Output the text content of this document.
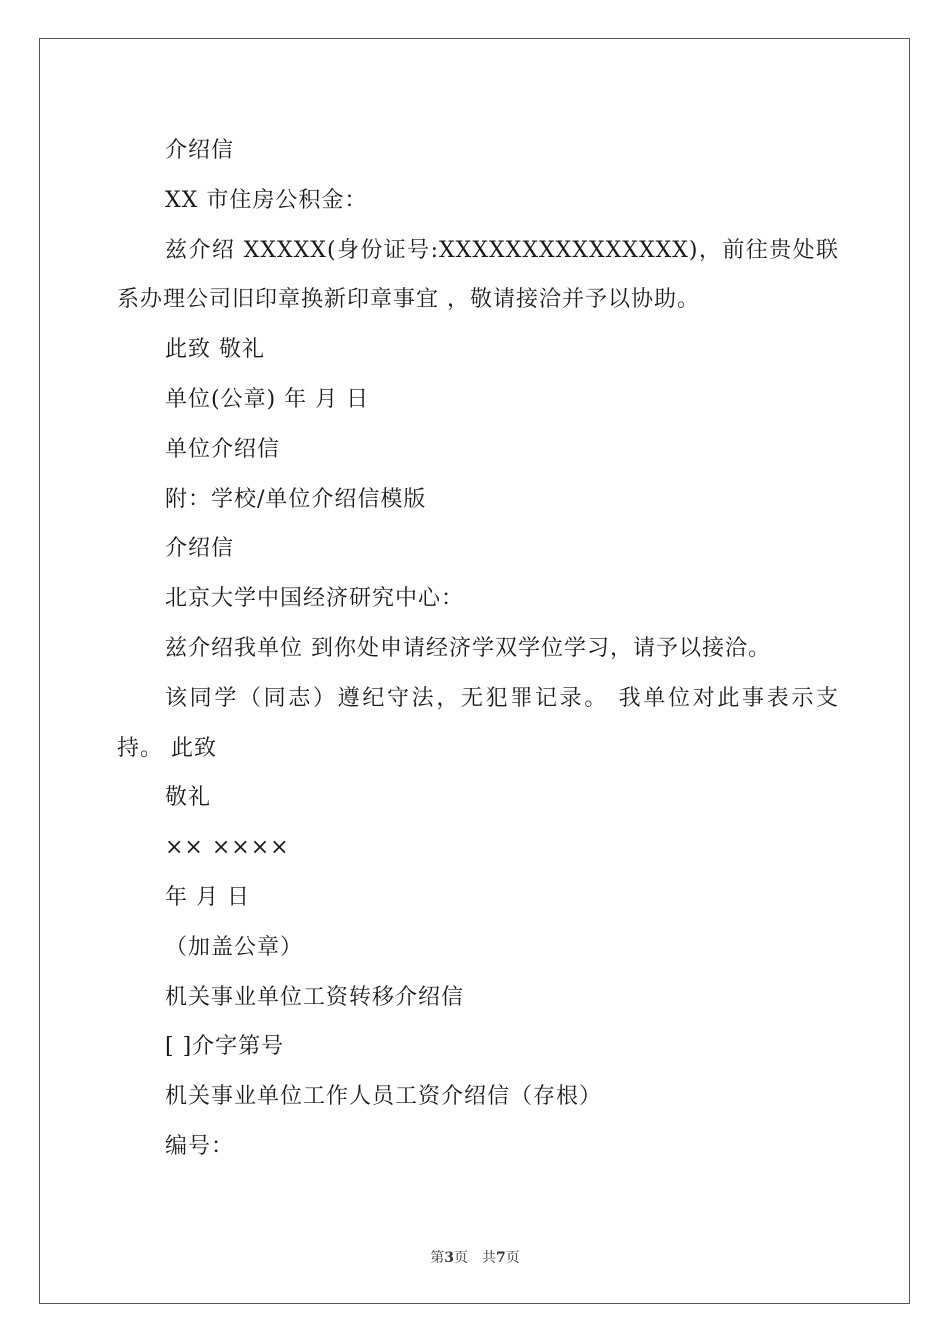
介绍信
XX 市住房公积金：
兹介绍 XXXXX(身份证号:XXXXXXXXXXXXXXX)，前往贵处联系办理公司旧印章换新印章事宜 ，敬请接洽并予以协助。
此致 敬礼
单位(公章) 年 月 日
单位介绍信
附：学校/单位介绍信模版
介绍信
北京大学中国经济研究中心：
兹介绍我单位 到你处申请经济学双学位学习，请予以接洽。
该同学（同志）遵纪守法，无犯罪记录。 我单位对此事表示支持。 此致
敬礼
×× ××××
年 月 日
（加盖公章）
机关事业单位工资转移介绍信
[ ]介字第号
机关事业单位工作人员工资介绍信（存根）
编号：
第3页　共7页
